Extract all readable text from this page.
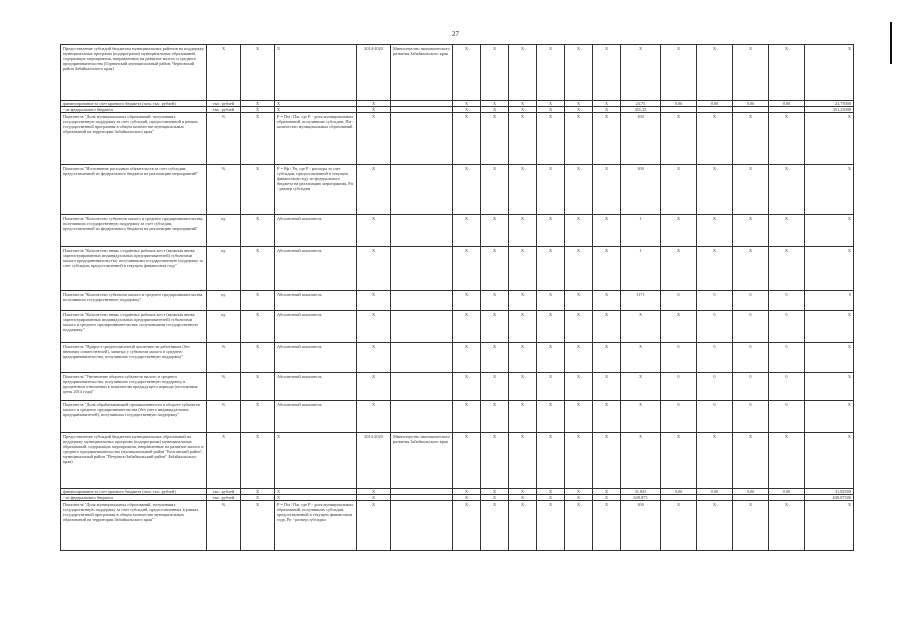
27
Предоставление субсидий бюджетам муниципальных районов на поддержку муниципальных программ (подпрограмм) муниципальных образований, содержащих мероприятия, направленных на развитие малого и среднего предпринимательства (Горнинский муниципальный район, Черновский район Забайкальского края)	X	X	X	2014-2020	Министерство экономического развития Забайкальского края	X	X	X	X	X	X	X	X	X	X	X	X
финансирование за счет краевого бюджета (пом. тыс. рублей)	тыс. рублей	X	X	X		X	X	X	X	X	X	23,75	0,00	0,00	0,00	0,00	23,75000
- из федерального бюджета	тыс. рублей	X	X	X		X	X	X	X	X	X	451,25					451,25000
Показатель "Доля муниципальных образований, получивших государственную поддержку за счет субсидий, предоставленной в рамках государственной программы в общем количестве муниципальных образований на территории Забайкальского края"	%	X	Р = Пм / Пж, где Р - доля муниципальных образований, получивших субсидии, Пм - количество муниципальных образований	X		X	X	X	X	X	X	100	X	X	X	X	X
Показатель "Исполнение расходных обязательств за счет субсидии, предоставленной из федерального бюджета на реализацию мероприятий"	%	X	Р = Рф / Рп, где Р - расходы за счет субсидии, предоставленной в текущем финансовом году из федерального бюджета на реализацию мероприятия, Рп - размер субсидии	X		X	X	X	X	X	X	100	X	X	X	X	X
Показатель "Количество субъектов малого и среднего предпринимательства, получивших государственную поддержку за счет субсидии, предоставленной из федерального бюджета на реализацию мероприятий"	ед.	X	Абсолютный показатель	X		X	X	X	X	X	X	1	X	X	X	X	X
Показатель "Количество вновь созданных рабочих мест (включая вновь зарегистрированных индивидуальных предпринимателей) субъектами малого предпринимательства, получившими государственную поддержку за счет субсидии, предоставленной в текущем финансовом году"	ед.	X	Абсолютный показатель	X		X	X	X	X	X	X	1	X	X	X	X	X
Показатель "Количество субъектов малого и среднего предпринимательства, получивших государственную поддержку"	ед.	X	Абсолютный показатель	X		X	X	X	X	X	X	1171	0	0	0	0	0
Показатель "Количество вновь созданных рабочих мест (включая вновь зарегистрированных индивидуальных предпринимателей) субъектами малого и среднего предпринимательства, получившими государственную поддержку"	ед.	X	Абсолютный показатель	X		X	X	X	X	X	X	X	X	0	0	0	X
Показатель "Прирост среднесписочной численности работников (без внешних совместителей), занятых у субъектов малого и среднего предпринимательства, получивших государственную поддержку"	%	X	Абсолютный показатель	X		X	X	X	X	X	X	X	0	0	0	0	X
Показатель "Увеличение оборота субъектов малого и среднего предпринимательства, получивших государственную поддержку, в процентном отношении к показателю предыдущего периода (постоянные цены 2014 года)"	%	X	Абсолютный показатель	X		X	X	X	X	X	X	X	0	0	0	0	X
Показатель "Доля обрабатывающей промышленности в обороте субъектов малого и среднего предпринимательства (без учета индивидуальных предпринимателей), получивших государственную поддержку"	%	X	Абсолютный показатель	X		X	X	X	X	X	X	X	0	0	0	0	X
Предоставление субсидий бюджетам муниципальных образований на поддержку муниципальных программ (подпрограмм) муниципальных образований, содержащих мероприятия, направленные на развитие малого и среднего предпринимательства (муниципальный район "Калганский район", муниципальный район "Петровск-Забайкальский район" Забайкальского края)	X	X	X	2014-2020	Министерство экономического развития Забайкальского края	X	X	X	X	X	X	X	X	X	X	X	X
финансирование за счет краевого бюджета (пом. тыс. рублей)	тыс. рублей	X	X	X		X	X	X	X	X	X	31,825	0,00	0,00	0,00	0,00	31,82500
- из федерального бюджета	тыс. рублей	X	X	X		X	X	X	X	X	X	639,875					639,87500
Показатель "Доля муниципальных образований, получивших государственную поддержку за счет субсидий, предоставленных в рамках государственной программы в общем количестве муниципальных образований на территории Забайкальского края"	%	X	Р = Пм / Пж, где Р - доля муниципальных образований, получивших субсидии, предоставленной в текущем финансовом году, Рп - размер субсидии	X		X	X	X	X	X	X	100	X	X	X	X	X
